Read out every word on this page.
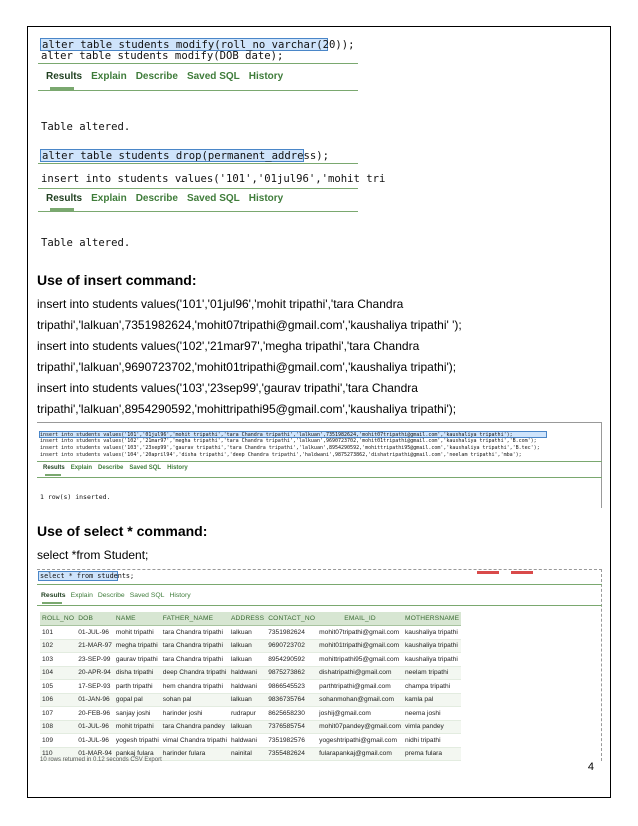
alter table students modify(roll_no varchar(20));
alter table students modify(DOB date);
Results Explain Describe Saved SQL History
Table altered.
alter table students drop(permanent_address);
insert into students values('101','01jul96','mohit tri
Results Explain Describe Saved SQL History
Table altered.
Use of insert command:
insert into students values('101','01jul96','mohit tripathi','tara Chandra
tripathi','lalkuan',7351982624,'mohit07tripathi@gmail.com','kaushaliya tripathi' ');
insert into students values('102','21mar97','megha tripathi','tara Chandra
tripathi','lalkuan',9690723702,'mohit01tripathi@gmail.com','kaushaliya tripathi');
insert into students values('103','23sep99','gaurav tripathi','tara Chandra
tripathi','lalkuan',8954290592,'mohittripathi95@gmail.com','kaushaliya tripathi');
insert into students values('101','01jul96','mohit tripathi','tara Chandra tripathi','lalkuan',7351982624,'mohit07tripathi@gmail.com','kaushaliya tripathi');
insert into students values('102','21mar97','megha tripathi','tara Chandra tripathi','lalkuan',9690723702,'mohit01tripathi@gmail.com','kaushaliya tripathi','B.com');
insert into students values('103','23sep99','gaurav tripathi','tara Chandra tripathi','lalkuan',8954290592,'mohittripathi95@gmail.com','kaushaliya tripathi','B.tec');
insert into students values('104','20april94','disha tripathi','deep Chandra tripathi','haldwani',9875273862,'dishatripathi@gmail.com','neelam tripathi','mba');
Results Explain Describe Saved SQL History
1 row(s) inserted.
Use of select * command:
select *from Student;
select * from students;
Results Explain Describe Saved SQL History
ROLL_NO	DOB	NAME	FATHER_NAME	ADDRESS	CONTACT_NO	EMAIL_ID	MOTHERSNAME
101	01-JUL-96	mohit tripathi	tara Chandra tripathi	lalkuan	7351982624	mohit07tripathi@gmail.com	kaushaliya tripathi
102	21-MAR-97	megha tripathi	tara Chandra tripathi	lalkuan	9690723702	mohit01tripathi@gmail.com	kaushaliya tripathi
103	23-SEP-99	gaurav tripathi	tara Chandra tripathi	lalkuan	8954290592	mohittripathi95@gmail.com	kaushaliya tripathi
104	20-APR-94	disha tripathi	deep Chandra tripathi	haldwani	9875273862	dishatripathi@gmail.com	neelam tripathi
105	17-SEP-93	parth tripathi	hem chandra tripathi	haldwani	9866545523	parthtripathi@gmail.com	champa tripathi
106	01-JAN-96	gopal pal	sohan pal	lalkuan	9836735764	sohanmohan@gmail.com	kamla pal
107	20-FEB-96	sanjay joshi	harinder joshi	rudrapur	8625658230	joshij@gmail.com	neema joshi
108	01-JUL-96	mohit tripathi	tara Chandra pandey	lalkuan	7376585754	mohit07pandey@gmail.com	vimla pandey
109	01-JUL-96	yogesh tripathi	vimal Chandra tripathi	haldwani	7351982576	yogeshtripathi@gmail.com	nidhi tripathi
110	01-MAR-94	pankaj fulara	harinder fulara	nainital	7355482624	fularapankaj@gmail.com	prema fulara
10 rows returned in 0.12 seconds CSV Export
4
